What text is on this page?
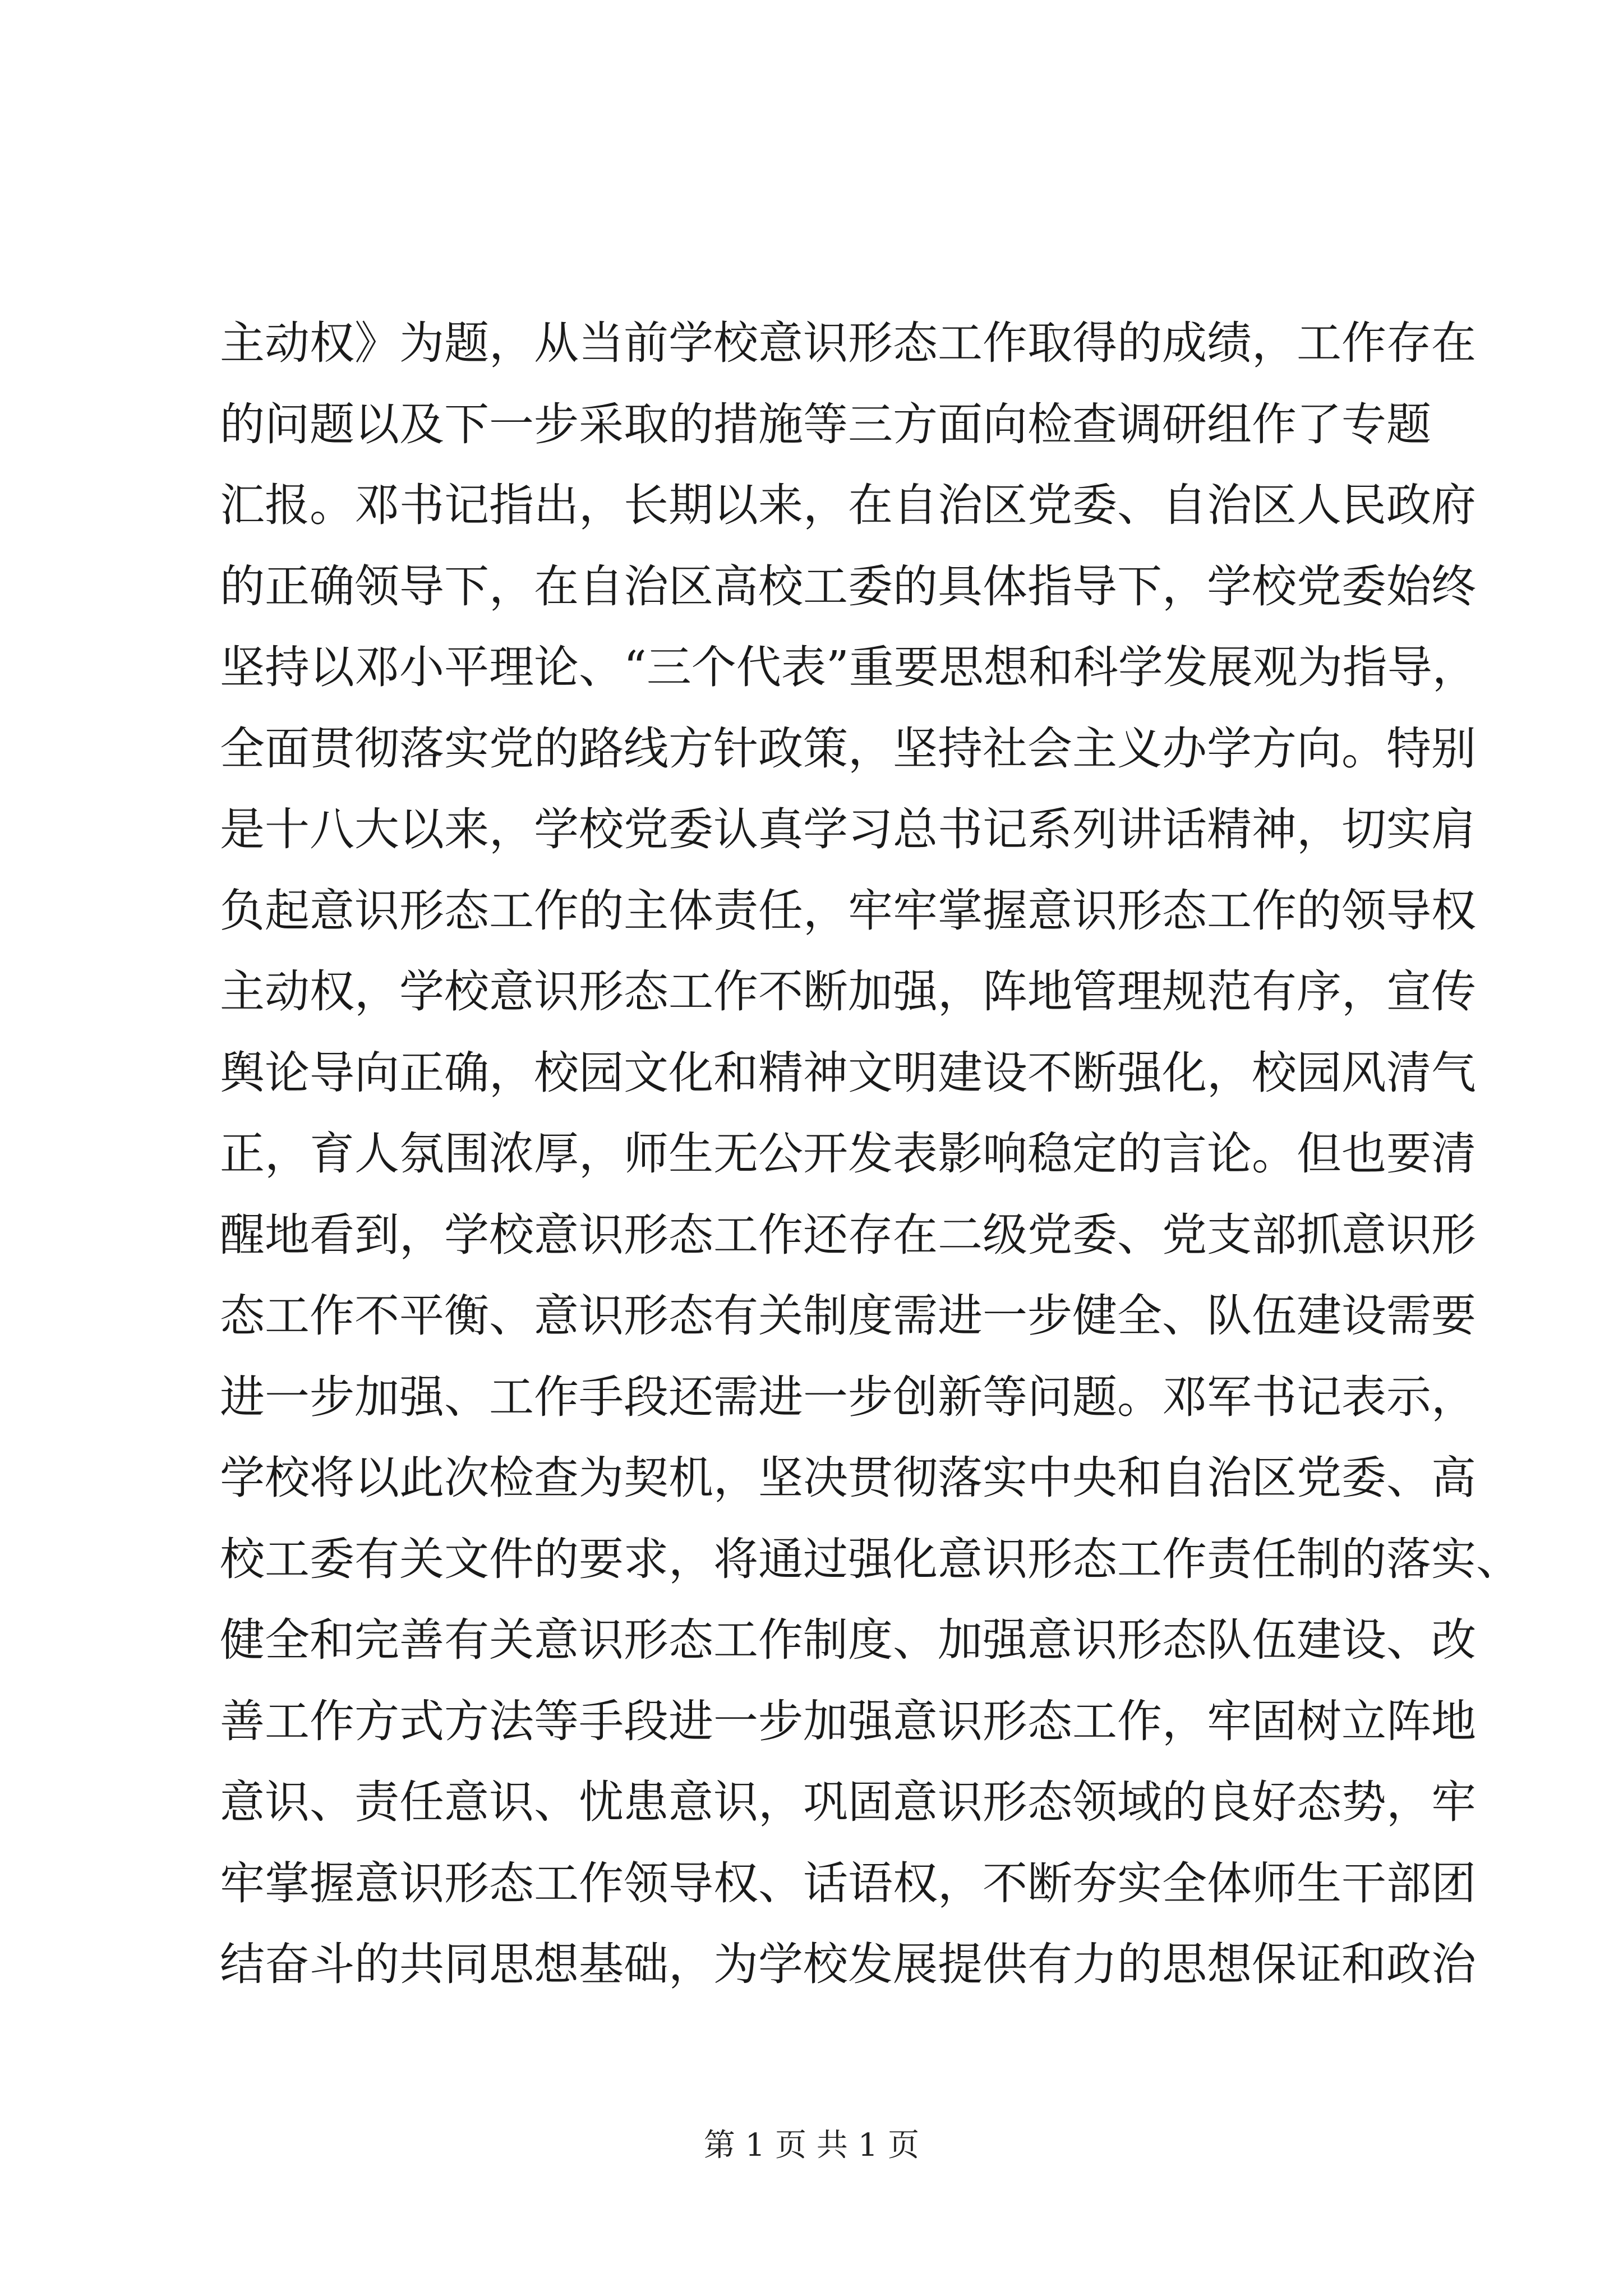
主动权》为题，从当前学校意识形态工作取得的成绩，工作存在
的问题以及下一步采取的措施等三方面向检查调研组作了专题
汇报。邓书记指出，长期以来，在自治区党委、自治区人民政府
的正确领导下，在自治区高校工委的具体指导下，学校党委始终
坚持以邓小平理论、“三个代表”重要思想和科学发展观为指导，
全面贯彻落实党的路线方针政策，坚持社会主义办学方向。特别
是十八大以来，学校党委认真学习总书记系列讲话精神，切实肩
负起意识形态工作的主体责任，牢牢掌握意识形态工作的领导权
主动权，学校意识形态工作不断加强，阵地管理规范有序，宣传
舆论导向正确，校园文化和精神文明建设不断强化，校园风清气
正，育人氛围浓厚，师生无公开发表影响稳定的言论。但也要清
醒地看到，学校意识形态工作还存在二级党委、党支部抓意识形
态工作不平衡、意识形态有关制度需进一步健全、队伍建设需要
进一步加强、工作手段还需进一步创新等问题。邓军书记表示，
学校将以此次检查为契机，坚决贯彻落实中央和自治区党委、高
校工委有关文件的要求，将通过强化意识形态工作责任制的落实、
健全和完善有关意识形态工作制度、加强意识形态队伍建设、改
善工作方式方法等手段进一步加强意识形态工作，牢固树立阵地
意识、责任意识、忧患意识，巩固意识形态领域的良好态势，牢
牢掌握意识形态工作领导权、话语权，不断夯实全体师生干部团
结奋斗的共同思想基础，为学校发展提供有力的思想保证和政治
第 1 页 共 1 页
